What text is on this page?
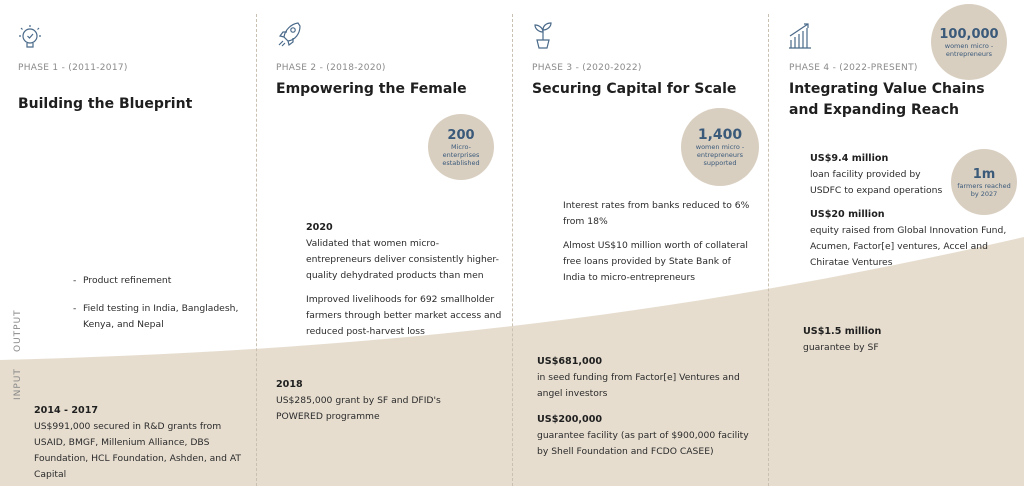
OUTPUT
INPUT
PHASE 1 - (2011-2017)
Building the Blueprint
- Product refinement
- Field testing in India, Bangladesh, Kenya, and Nepal
2014 - 2017
US$991,000 secured in R&D grants from USAID, BMGF, Millenium Alliance, DBS Foundation, HCL Foundation, Ashden, and AT Capital
PHASE 2 - (2018-2020)
Empowering the Female
200
Micro-enterprises established
2020
Validated that women micro-entrepreneurs deliver consistently higher-quality dehydrated products than men
Improved livelihoods for 692 smallholder farmers through better market access and reduced post-harvest loss
2018
US$285,000 grant by SF and DFID's POWERED programme
PHASE 3 - (2020-2022)
Securing Capital for Scale
1,400
women micro -entrepreneurs supported
Interest rates from banks reduced to 6% from 18%
Almost US$10 million worth of collateral free loans provided by State Bank of India to micro-entrepreneurs
US$681,000
in seed funding from Factor[e] Ventures and angel investors
US$200,000
guarantee facility (as part of $900,000 facility by Shell Foundation and FCDO CASEE)
PHASE 4 - (2022-PRESENT)
Integrating Value Chains and Expanding Reach
100,000
women micro -entrepreneurs
1m
farmers reached by 2027
US$9.4 million
loan facility provided by USDFC to expand operations
US$20 million
equity raised from Global Innovation Fund, Acumen, Factor[e] ventures, Accel and Chiratae Ventures
US$1.5 million
guarantee by SF
